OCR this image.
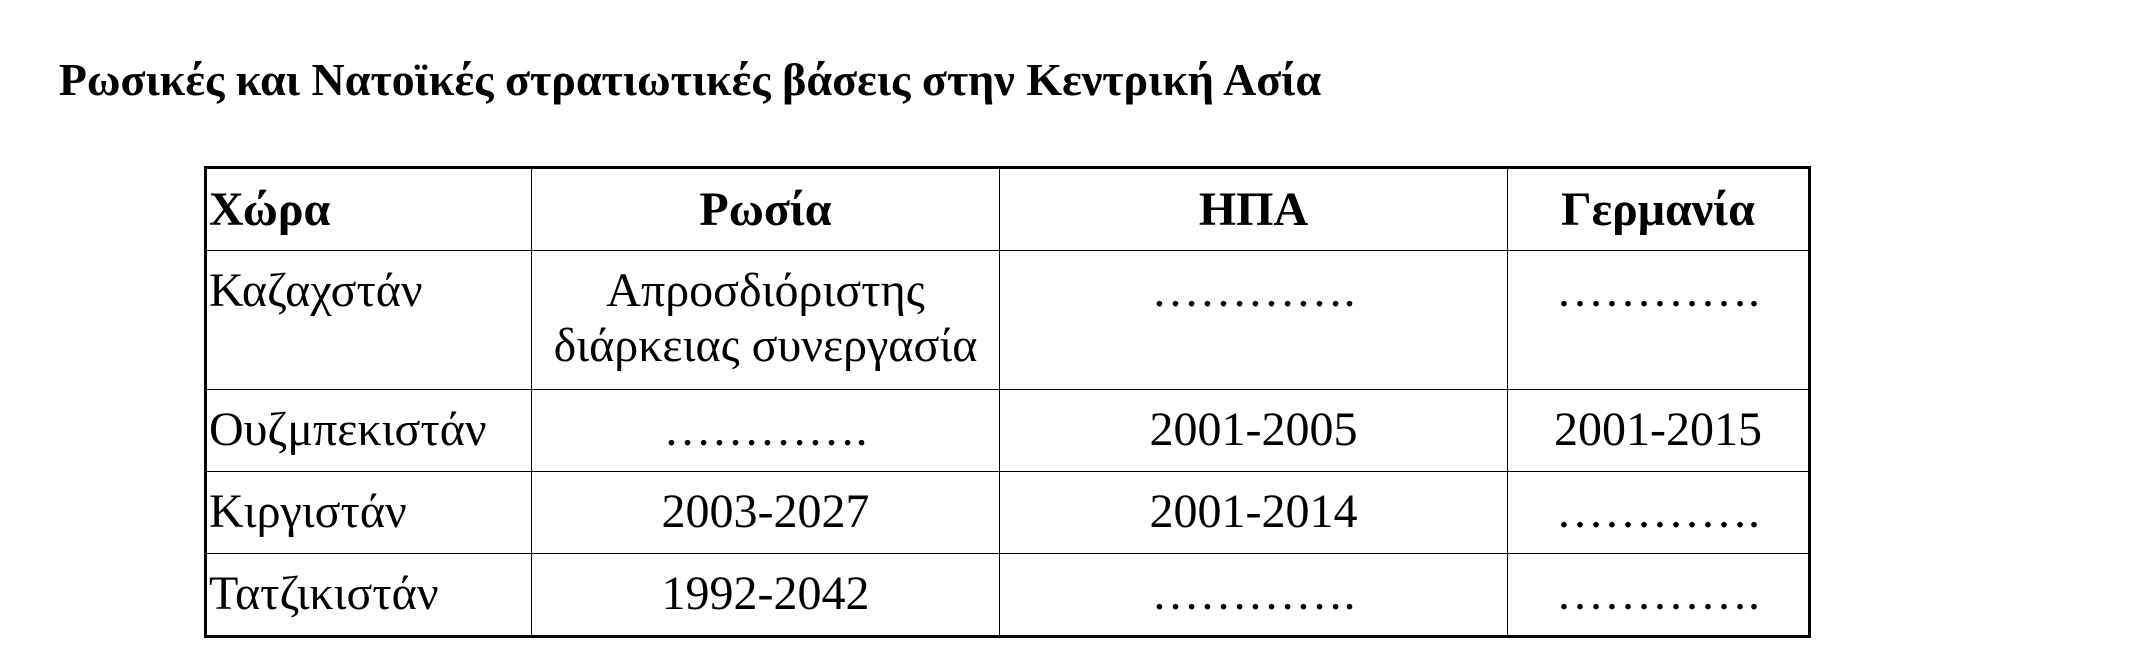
Ρωσικές και Νατοϊκές στρατιωτικές βάσεις στην Κεντρική Ασία
Χώρα	Ρωσία	ΗΠΑ	Γερμανία
Καζαχστάν	Απροσδιόριστης διάρκειας συνεργασία	………….	………….
Ουζμπεκιστάν	………….	2001-2005	2001-2015
Κιργιστάν	2003-2027	2001-2014	………….
Τατζικιστάν	1992-2042	………….	………….
